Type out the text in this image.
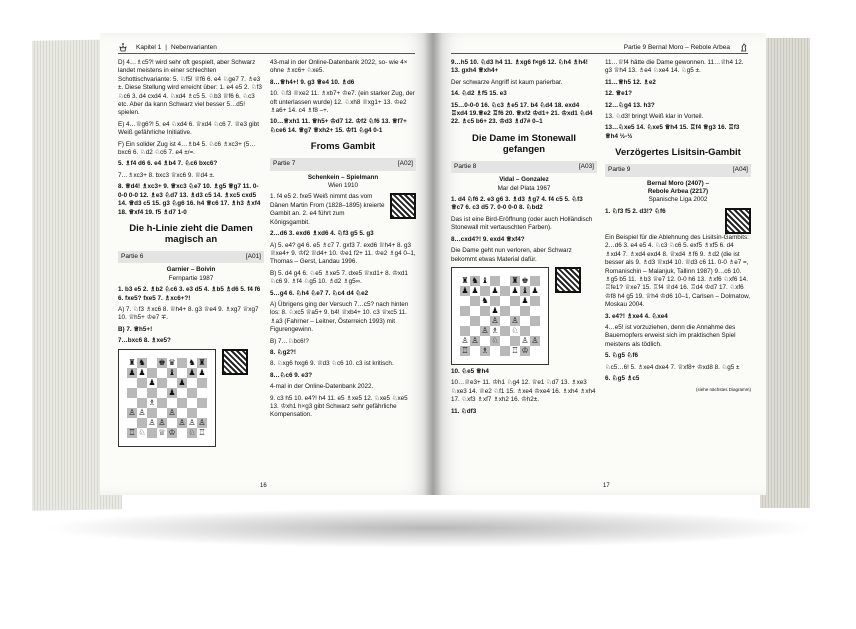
Kapitel 1 | Nebenvarianten

D) 4…♗c5?! wird sehr oft gespielt, aber Schwarz landet meistens in einer schlechten Schottischvariante: 5. ♘f5! ♕f6 6. e4 ♘ge7 7. ♗e3 ±. Diese Stellung wird erreicht über: 1. e4 e5 2. ♘f3 ♘c6 3. d4 cxd4 4. ♘xd4 ♗c5 5. ♘b3 ♕f6 6. ♘c3 etc. Aber da kann Schwarz viel besser 5…d5! spielen.

E) 4…♕g6?! 5. e4 ♘xd4 6. ♕xd4 ♘c6 7. ♕e3 gibt Weiß gefährliche Initiative.

F) Ein solider Zug ist 4…♗b4 5. ♘c6 ♗xc3+ (5…bxc6 6. ♘d2 ♘c6 7. e4 ±/=.

5. ♗f4 d6 6. e4 ♗b4 7. ♘c6 bxc6?

7…♗xc3+ 8. bxc3 ♕xc6 9. ♕d4 ±.

8. ♕d4! ♗xc3+ 9. ♕xc3 ♘e7 10. ♗g5 ♕g7 11. 0-0-0 0-0 12. ♗e3 ♘d7 13. ♗d3 c5 14. ♗xc5 cxd5 14. ♕d3 c5 15. g3 ♘g6 16. h4 ♕c6 17. ♗h3 ♗xf4 18. ♕xf4 19. f5 ♗d7 1-0

Die h-Linie zieht die Damen magisch an
Partie 6	[A01]
Garnier – Boivin
Fernpartie 1987

1. b3 e5 2. ♗b2 ♘c6 3. e3 d5 4. ♗b5 ♗d6 5. f4 f6 6. fxe5? fxe5 7. ♗xc6+?!

A) 7. ♘f3 ♗xc6 8. ♕h4+ 8. g3 ♕e4 9. ♗xg7 ♕xg7 10. ♕h5+ ♔e7 ∓.

B) 7. ♕h5+!

7…bxc6 8. ♗xe5?

♜ ♞ ♚ ♛ ♞ ♜
♟ ♟	♝ ♟ ♟
♟	♟
♟
♗
♙ ♙	♙
♙ ♙ ♙ ♙ ♙
♖ ♘ ♕ ♔ ♘ ♖

43-mal in der Online-Datenbank 2022, so- wie 4× ohne ♗xc6+ ♘xe5.

8…♕h4+! 9. g3 ♕e4 10. ♗d6

10. ♘f3 ♕xe2 11. ♗xb7+ ♔e7. (ein starker Zug, der oft unterlassen wurde) 12. ♘xh8 ♕xg1+ 13. ♔e2 ♗a6+ 14. c4 ♗f8 –+.

10…♕xh1 11. ♕h5+ ♔d7 12. ♔f2 ♘f6 13. ♕f7+ ♘ce6 14. ♕g7 ♕xh2+ 15. ♔f1 ♘g4 0-1

Froms Gambit
Partie 7	[A02]
Schenkein – Spielmann
Wien 1910

1. f4 e5 2. fxe5 Weiß nimmt das vom Dänen Martin From (1828–1895) kreierte Gambit an. 2. e4 führt zum Königsgambit.

2…d6 3. exd6 ♗xd6 4. ♘f3 g5 5. g3

A) 5. e4? g4 6. e5 ♗c7 7. gxf3 7. exd6 ♕h4+ 8. g3 ♕xe4+ 9. ♔f2 ♕d4+ 10. ♔e1 f2+ 11. ♔e2 ♗g4 0–1, Thomas – Gerst, Landau 1996.

B) 5. d4 g4 6. ♘e5 ♗xe5 7. dxe5 ♕xd1+ 8. ♔xd1 ♘c6 9. ♗f4 ♘g5 10. ♗d2 ♗g5∞.

5…g4 6. ♘h4 ♘e7 7. ♘c4 d4 ♘e2

A) Übrigens ging der Versuch 7…c5? nach hinten los: 8. ♘xc5 ♕a5+ 9. b4! ♕xb4+ 10. c3 ♕xc5 11. ♗a3 (Fahrner – Leitner, Österreich 1993) mit Figurengewinn.

B) 7…♘bc6!?

8. ♘g2?!

8. ♘xg6 hxg6 9. ♕d3 ♘c6 10. c3 ist kritisch.

8…♘c6 9. e3?

4-mal in der Online-Datenbank 2022.

9. c3 h5 10. e4?! h4 11. e5 ♗xe5 12. ♘xe5 ♘xe5 13. ♔xh1 h×g3 gibt Schwarz sehr gefährliche Kompensation.

16
Partie 9 Bernal Moro – Rebole Arbea

9…h5 10. ♘d3 h4 11. ♗xg6 f×g6 12. ♘h4 ♗h4! 13. gxh4 ♕xh4+

Der schwarze Angriff ist kaum parierbar.

14. ♘d2 ♗f5 15. e3

15…0-0-0 16. ♘c3 ♗e5 17. b4 ♘d4 18. exd4 ♖xd4 19.♕e2 ♖f6 20. ♕xf2 ♔d1+ 21. ♔xd1 ♘d4 22. ♗c5 b6+ 23. ♔d3 ♗d7# 0–1

Die Dame im Stonewall gefangen
Partie 8	[A03]
Vidal – Gonzalez
Mar del Plata 1967

1. d4 ♘f6 2. e3 g6 3. ♗d3 ♗g7 4. f4 c5 5. ♘f3 ♕c7 6. c3 d5 7. 0-0 0-0 8. ♘bd2

Das ist eine Bird-Eröffnung (oder auch Holländisch Stonewall mit vertauschten Farben).

8…cxd4?! 9. exd4 ♕xf4?

Die Dame geht nun verloren, aber Schwarz bekommt etwas Material dafür.

♜ ♞ ♝	♜ ♚
♟ ♟ ♟ ♟ ♝ ♟
♞	♟
♟
♙ ♙
♙ ♗ ♘
♙ ♙ ♘	♙ ♙
♖ ♗	♖ ♔

10. ♘e5 ♕h4

10…♕e3+ 11. ♔h1 ♘g4 12. ♕e1 ♘d7 13. ♗xe3 ♘xe3 14. ♕e2 ♘f1 15. ♗xe4 ♔xe4 16. ♗xh4 ♗xh4 17. ♘xf3 ♗xf7 ♗xh2 16. ♔h2±.

11. ♘df3

11…♕f4 hätte die Dame gewonnen. 11…♕h4 12. g3 ♕h4 13. ♗e4 ♘xe4 14. ♘g5 ±.

11…♕h5 12. ♗e2

12. ♕e1?

12…♘g4 13. h3?

13. ♘d3! bringt Weiß klar in Vorteil.

13…♘xe5 14. ♘xe5 ♕h4 15. ♖f4 ♕g3 16. ♖f3 ♕h4 ½-½

Verzögertes Lisitsin-Gambit
Partie 9	[A04]
Bernal Moro (2407) –
Rebole Arbea (2217)
Spanische Liga 2002

1. ♘f3 f5 2. d3!? ♘f6

Ein Beispiel für die Ablehnung des Lisitsin-Gambits: 2…d6 3. e4 e5 4. ♘c3 ♘c6 5. exf5 ♗xf5 6. d4 ♗xd4 7. ♗xd4 exd4 8. ♕xd4 ♗f6 9. ♗d2 (die ist besser als 9. ♗d3 ♕xd4 10. ♕d3 c6 11. 0-0 ♗e7 =, Romanischin – Malanjuk, Tallinn 1987) 9…c6 10. ♗g5 b5 11. ♗b3 ♕e7 12. 0-0 h6 13. ♗xf6 ♘xf6 14. ♖fe1? ♕xe7 15. ♖f4 ♕d4 16. ♖d4 ♔d7 17. ♘xf6 ♔f8 h4 g5 19. ♕h4 ♔d6 10–1, Carlsen – Dolmatow, Moskau 2004.

3. e4?! ♗xe4 4. ♘xe4

4…e5! ist vorzuziehen, denn die Annahme des Bauernopfers erweist sich im praktischen Spiel meistens als tödlich.

5. ♘g5 ♘f6

♘c5…6! 5. ♗xe4 dxe4 7. ♕xf8+ ♔xd8 8. ♘g5 ±

6. ♘g5 ♗c5

(siehe nächstes Diagramm)

17
